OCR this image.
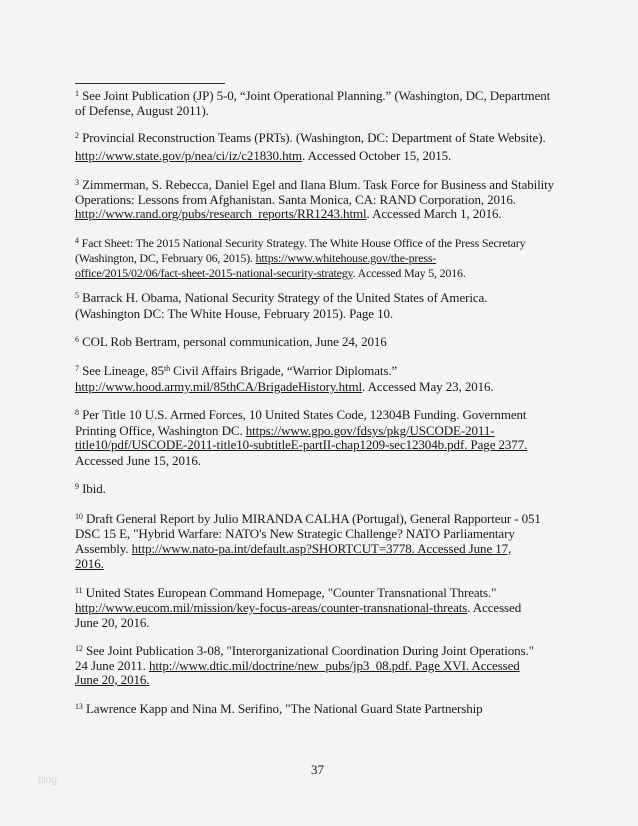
$^1$ See Joint Publication (JP) 5-0, “Joint Operational Planning.” (Washington, DC, Department
of Defense, August 2011).
$^2$ Provincial Reconstruction Teams (PRTs). (Washington, DC: Department of State Website).
http://www.state.gov/p/nea/ci/iz/c21830.htm. Accessed October 15, 2015.
$^3$ Zimmerman, S. Rebecca, Daniel Egel and Ilana Blum. Task Force for Business and Stability
Operations: Lessons from Afghanistan. Santa Monica, CA: RAND Corporation, 2016.
http://www.rand.org/pubs/research_reports/RR1243.html. Accessed March 1, 2016.
$^4$ Fact Sheet: The 2015 National Security Strategy. The White House Office of the Press Secretary
(Washington, DC, February 06, 2015). https://www.whitehouse.gov/the-press-
office/2015/02/06/fact-sheet-2015-national-security-strategy. Accessed May 5, 2016.
$^5$ Barrack H. Obama, National Security Strategy of the United States of America.
(Washington DC: The White House, February 2015). Page 10.
$^6$ COL Rob Bertram, personal communication, June 24, 2016
$^7$ See Lineage, 85th Civil Affairs Brigade, “Warrior Diplomats.”
http://www.hood.army.mil/85thCA/BrigadeHistory.html. Accessed May 23, 2016.
$^8$ Per Title 10 U.S. Armed Forces, 10 United States Code, 12304B Funding. Government
Printing Office, Washington DC. https://www.gpo.gov/fdsys/pkg/USCODE-2011-
title10/pdf/USCODE-2011-title10-subtitleE-partII-chap1209-sec12304b.pdf. Page 2377.
Accessed June 15, 2016.
$^9$ Ibid.
$^{10}$ Draft General Report by Julio MIRANDA CALHA (Portugal), General Rapporteur - 051
DSC 15 E, "Hybrid Warfare: NATO's New Strategic Challenge? NATO Parliamentary
Assembly. http://www.nato-pa.int/default.asp?SHORTCUT=3778. Accessed June 17,
2016.
$^{11}$ United States European Command Homepage, "Counter Transnational Threats."
http://www.eucom.mil/mission/key-focus-areas/counter-transnational-threats. Accessed
June 20, 2016.
$^{12}$ See Joint Publication 3-08, "Interorganizational Coordination During Joint Operations."
24 June 2011. http://www.dtic.mil/doctrine/new_pubs/jp3_08.pdf. Page XVI. Accessed
June 20, 2016.
$^{13}$ Lawrence Kapp and Nina M. Serifino, "The National Guard State Partnership
37
blog
